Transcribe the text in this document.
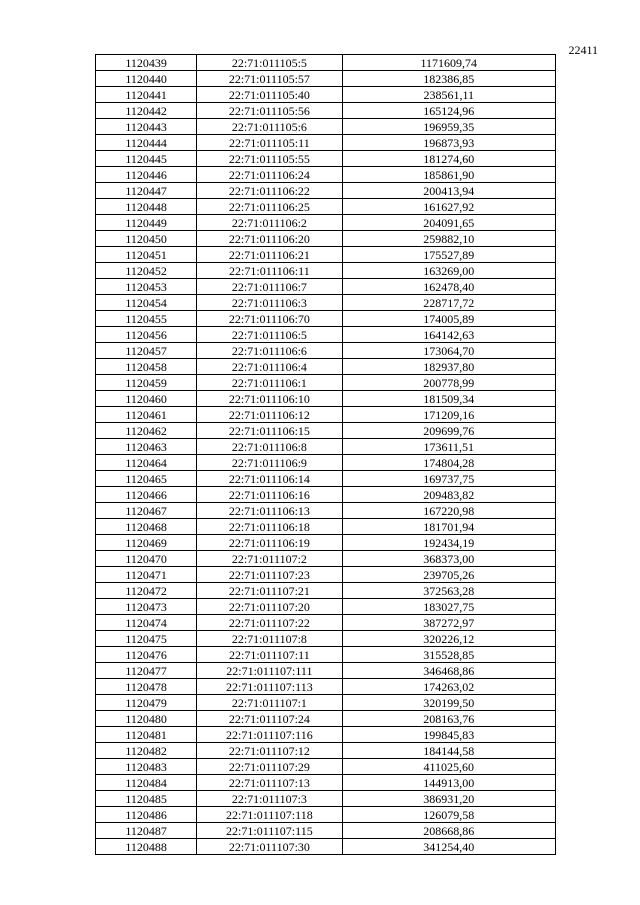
22411
1120439	22:71:011105:5	1171609,74
1120440	22:71:011105:57	182386,85
1120441	22:71:011105:40	238561,11
1120442	22:71:011105:56	165124,96
1120443	22:71:011105:6	196959,35
1120444	22:71:011105:11	196873,93
1120445	22:71:011105:55	181274,60
1120446	22:71:011106:24	185861,90
1120447	22:71:011106:22	200413,94
1120448	22:71:011106:25	161627,92
1120449	22:71:011106:2	204091,65
1120450	22:71:011106:20	259882,10
1120451	22:71:011106:21	175527,89
1120452	22:71:011106:11	163269,00
1120453	22:71:011106:7	162478,40
1120454	22:71:011106:3	228717,72
1120455	22:71:011106:70	174005,89
1120456	22:71:011106:5	164142,63
1120457	22:71:011106:6	173064,70
1120458	22:71:011106:4	182937,80
1120459	22:71:011106:1	200778,99
1120460	22:71:011106:10	181509,34
1120461	22:71:011106:12	171209,16
1120462	22:71:011106:15	209699,76
1120463	22:71:011106:8	173611,51
1120464	22:71:011106:9	174804,28
1120465	22:71:011106:14	169737,75
1120466	22:71:011106:16	209483,82
1120467	22:71:011106:13	167220,98
1120468	22:71:011106:18	181701,94
1120469	22:71:011106:19	192434,19
1120470	22:71:011107:2	368373,00
1120471	22:71:011107:23	239705,26
1120472	22:71:011107:21	372563,28
1120473	22:71:011107:20	183027,75
1120474	22:71:011107:22	387272,97
1120475	22:71:011107:8	320226,12
1120476	22:71:011107:11	315528,85
1120477	22:71:011107:111	346468,86
1120478	22:71:011107:113	174263,02
1120479	22:71:011107:1	320199,50
1120480	22:71:011107:24	208163,76
1120481	22:71:011107:116	199845,83
1120482	22:71:011107:12	184144,58
1120483	22:71:011107:29	411025,60
1120484	22:71:011107:13	144913,00
1120485	22:71:011107:3	386931,20
1120486	22:71:011107:118	126079,58
1120487	22:71:011107:115	208668,86
1120488	22:71:011107:30	341254,40
